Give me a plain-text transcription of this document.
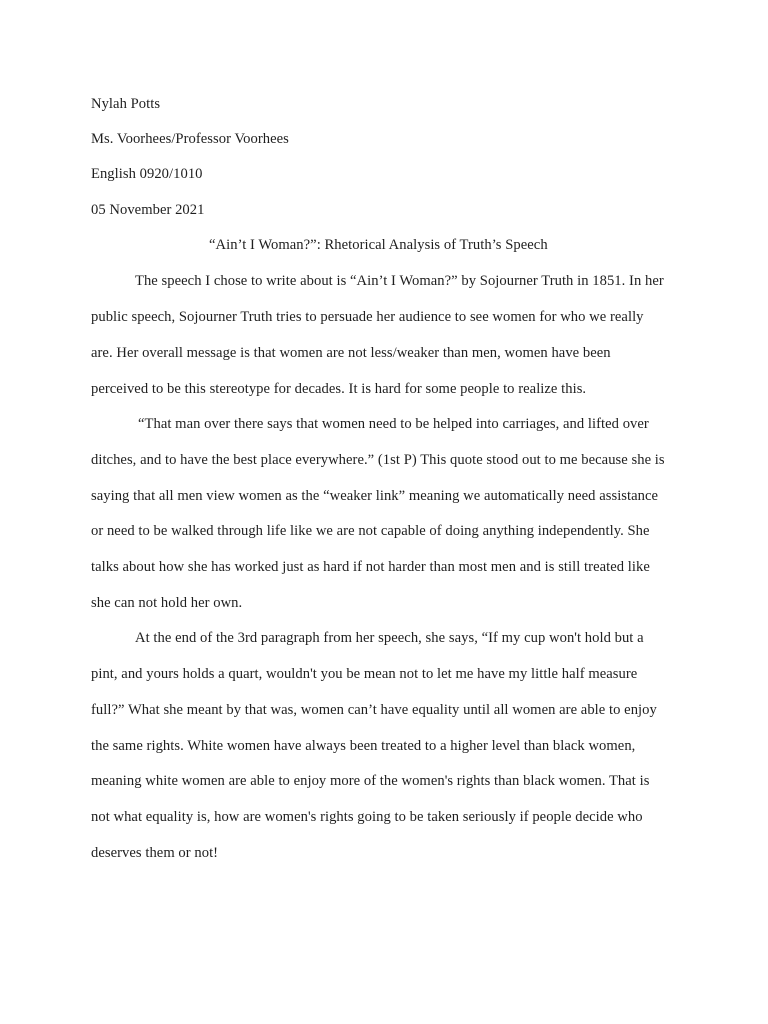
Nylah Potts
Ms. Voorhees/Professor Voorhees
English 0920/1010
05 November 2021
“Ain’t I Woman?”: Rhetorical Analysis of Truth’s Speech
The speech I chose to write about is “Ain’t I Woman?” by Sojourner Truth in 1851. In her
public speech, Sojourner Truth tries to persuade her audience to see women for who we really
are. Her overall message is that women are not less/weaker than men, women have been
perceived to be this stereotype for decades. It is hard for some people to realize this.
“That man over there says that women need to be helped into carriages, and lifted over
ditches, and to have the best place everywhere.” (1st P) This quote stood out to me because she is
saying that all men view women as the “weaker link” meaning we automatically need assistance
or need to be walked through life like we are not capable of doing anything independently. She
talks about how she has worked just as hard if not harder than most men and is still treated like
she can not hold her own.
At the end of the 3rd paragraph from her speech, she says, “If my cup won't hold but a
pint, and yours holds a quart, wouldn't you be mean not to let me have my little half measure
full?” What she meant by that was, women can’t have equality until all women are able to enjoy
the same rights. White women have always been treated to a higher level than black women,
meaning white women are able to enjoy more of the women's rights than black women. That is
not what equality is, how are women's rights going to be taken seriously if people decide who
deserves them or not!
